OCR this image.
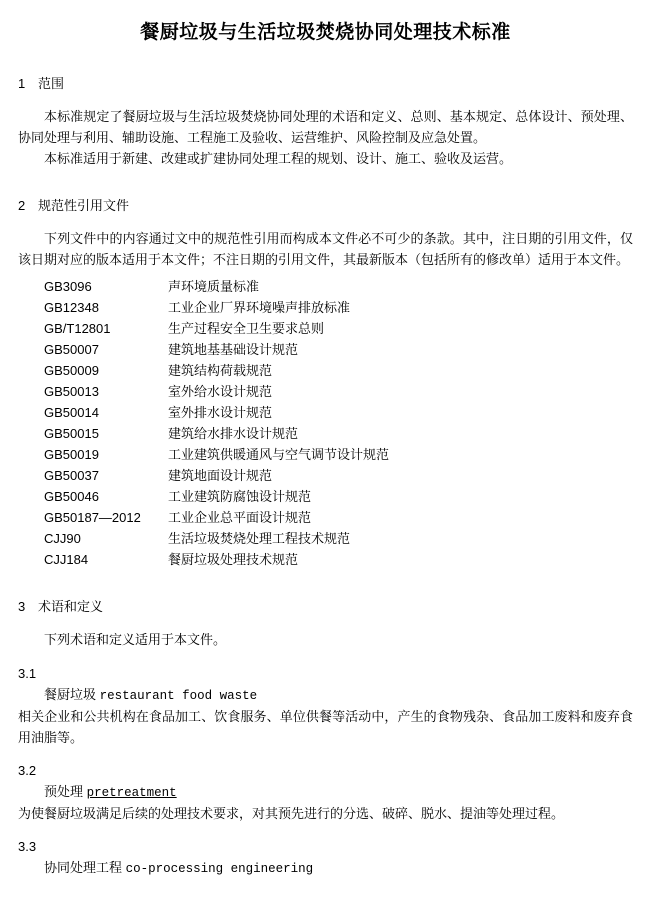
餐厨垃圾与生活垃圾焚烧协同处理技术标准
1 范围

本标准规定了餐厨垃圾与生活垃圾焚烧协同处理的术语和定义、总则、基本规定、总体设计、预处理、协同处理与利用、辅助设施、工程施工及验收、运营维护、风险控制及应急处置。

本标准适用于新建、改建或扩建协同处理工程的规划、设计、施工、验收及运营。

2 规范性引用文件

下列文件中的内容通过文中的规范性引用而构成本文件必不可少的条款。其中，注日期的引用文件，仅该日期对应的版本适用于本文件；不注日期的引用文件，其最新版本（包括所有的修改单）适用于本文件。

GB3096	声环境质量标准
GB12348	工业企业厂界环境噪声排放标准
GB/T12801	生产过程安全卫生要求总则
GB50007	建筑地基基础设计规范
GB50009	建筑结构荷载规范
GB50013	室外给水设计规范
GB50014	室外排水设计规范
GB50015	建筑给水排水设计规范
GB50019	工业建筑供暖通风与空气调节设计规范
GB50037	建筑地面设计规范
GB50046	工业建筑防腐蚀设计规范
GB50187—2012	工业企业总平面设计规范
CJJ90	生活垃圾焚烧处理工程技术规范
CJJ184	餐厨垃圾处理技术规范
3 术语和定义

下列术语和定义适用于本文件。

3.1
餐厨垃圾 restaurant food waste
相关企业和公共机构在食品加工、饮食服务、单位供餐等活动中，产生的食物残杂、食品加工废料和废弃食用油脂等。
3.2
预处理 pretreatment
为使餐厨垃圾满足后续的处理技术要求，对其预先进行的分选、破碎、脱水、提油等处理过程。
3.3
协同处理工程 co-processing engineering
